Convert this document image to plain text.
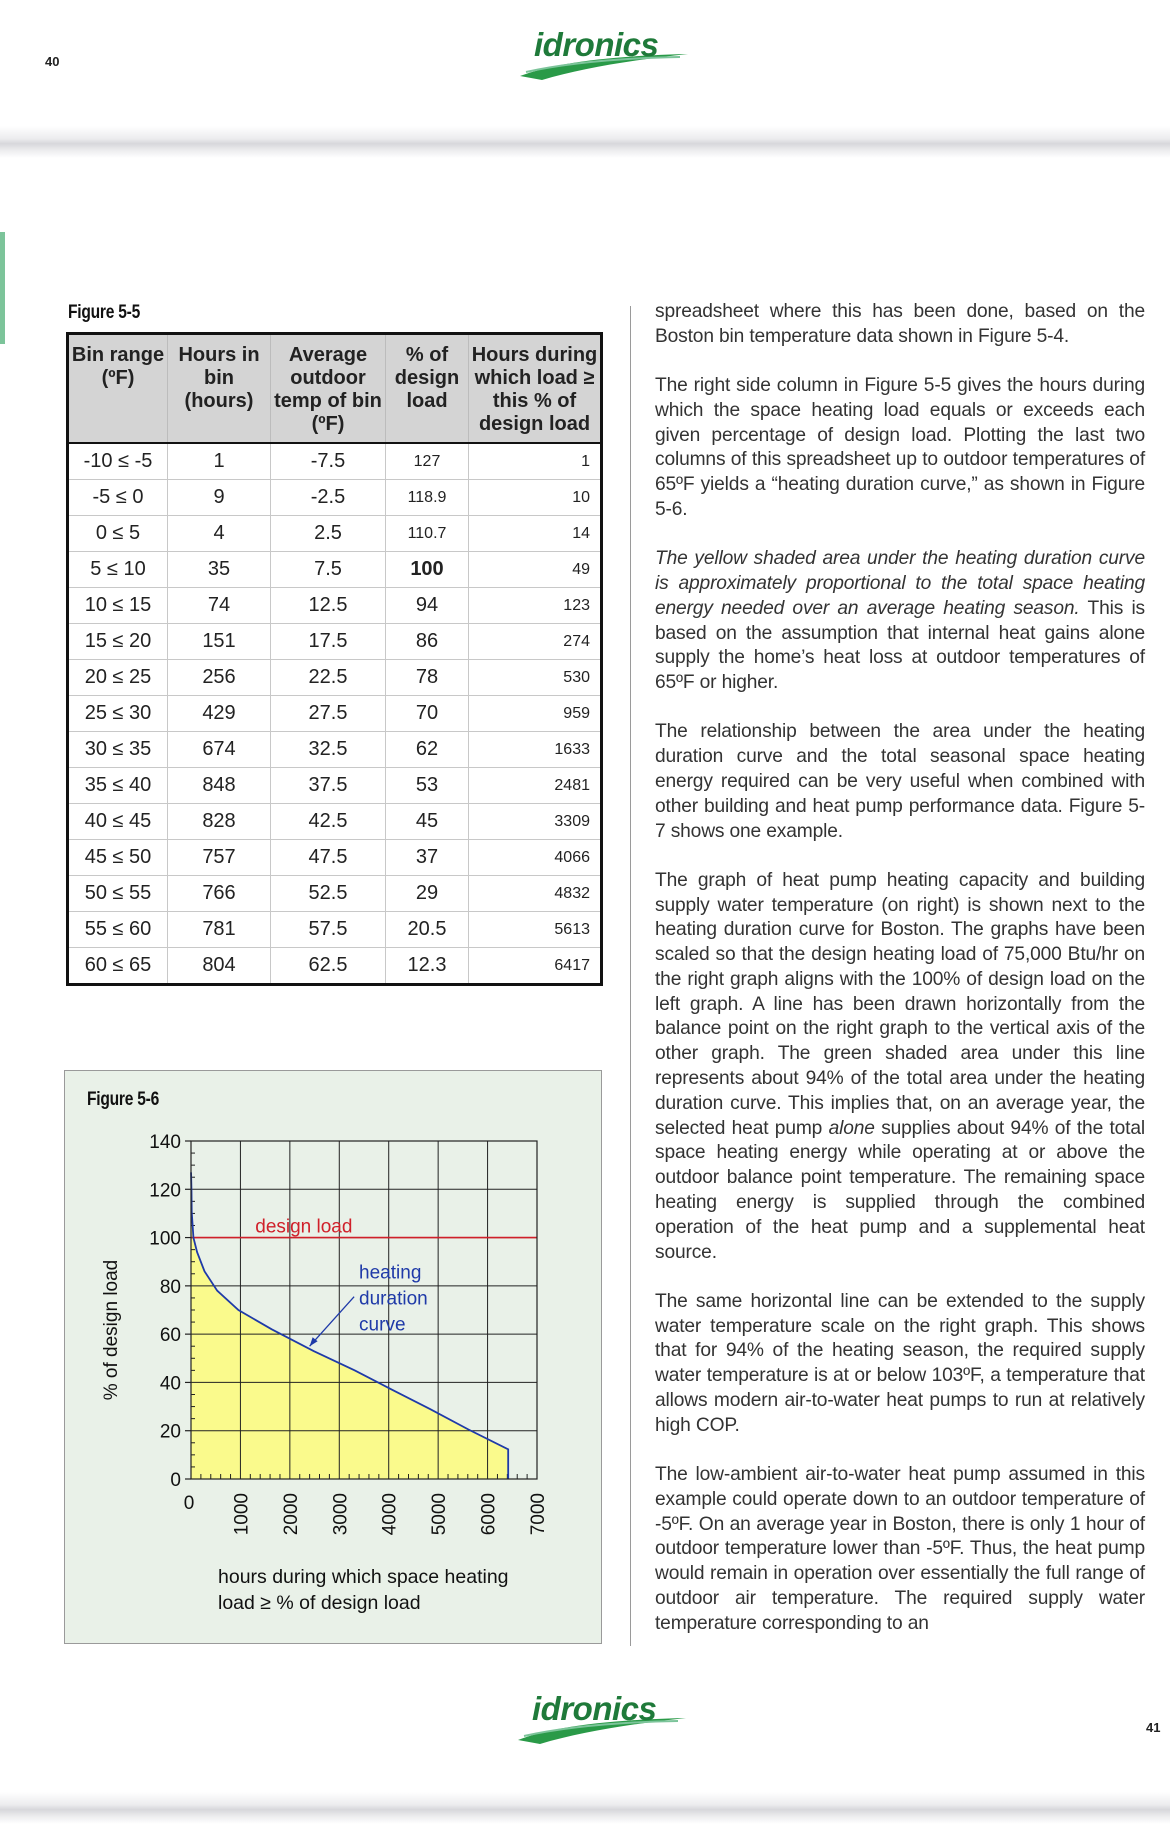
40	idronics
Figure 5-5
Bin range (ºF)	Hours in bin (hours)	Average outdoor temp of bin (ºF)	% of design load	Hours during which load ≥ this % of design load
-10 ≤ -5	1	-7.5	127	1
-5 ≤ 0	9	-2.5	118.9	10
0 ≤ 5	4	2.5	110.7	14
5 ≤ 10	35	7.5	100	49
10 ≤ 15	74	12.5	94	123
15 ≤ 20	151	17.5	86	274
20 ≤ 25	256	22.5	78	530
25 ≤ 30	429	27.5	70	959
30 ≤ 35	674	32.5	62	1633
35 ≤ 40	848	37.5	53	2481
40 ≤ 45	828	42.5	45	3309
45 ≤ 50	757	47.5	37	4066
50 ≤ 55	766	52.5	29	4832
55 ≤ 60	781	57.5	20.5	5613
60 ≤ 65	804	62.5	12.3	6417
Figure 5-6
0
20
40
60
80
100
120
140
0 1000 2000 3000 4000 5000 6000 7000
% of design load
hours during which space heating
load ≥ % of design load
design load
heating
duration
curve

spreadsheet where this has been done, based on the Boston bin temperature data shown in Figure 5-4.

The right side column in Figure 5-5 gives the hours during which the space heating load equals or exceeds each given percentage of design load. Plotting the last two columns of this spreadsheet up to outdoor temperatures of 65ºF yields a “heating duration curve,” as shown in Figure 5-6.

The yellow shaded area under the heating duration curve is approximately proportional to the total space heating energy needed over an average heating season. This is based on the assumption that internal heat gains alone supply the home’s heat loss at outdoor temperatures of 65ºF or higher.

The relationship between the area under the heating duration curve and the total seasonal space heating energy required can be very useful when combined with other building and heat pump performance data. Figure 5-7 shows one example.

The graph of heat pump heating capacity and building supply water temperature (on right) is shown next to the heating duration curve for Boston. The graphs have been scaled so that the design heating load of 75,000 Btu/hr on the right graph aligns with the 100% of design load on the left graph. A line has been drawn horizontally from the balance point on the right graph to the vertical axis of the other graph. The green shaded area under this line represents about 94% of the total area under the heating duration curve. This implies that, on an average year, the selected heat pump alone supplies about 94% of the total space heating energy while operating at or above the outdoor balance point temperature. The remaining space heating energy is supplied through the combined operation of the heat pump and a supplemental heat source.

The same horizontal line can be extended to the supply water temperature scale on the right graph. This shows that for 94% of the heating season, the required supply water temperature is at or below 103ºF, a temperature that allows modern air-to-water heat pumps to run at relatively high COP.

The low-ambient air-to-water heat pump assumed in this example could operate down to an outdoor temperature of -5ºF. On an average year in Boston, there is only 1 hour of outdoor temperature lower than -5ºF. Thus, the heat pump would remain in operation over essentially the full range of outdoor air temperature. The required supply water temperature corresponding to an

idronics
41
